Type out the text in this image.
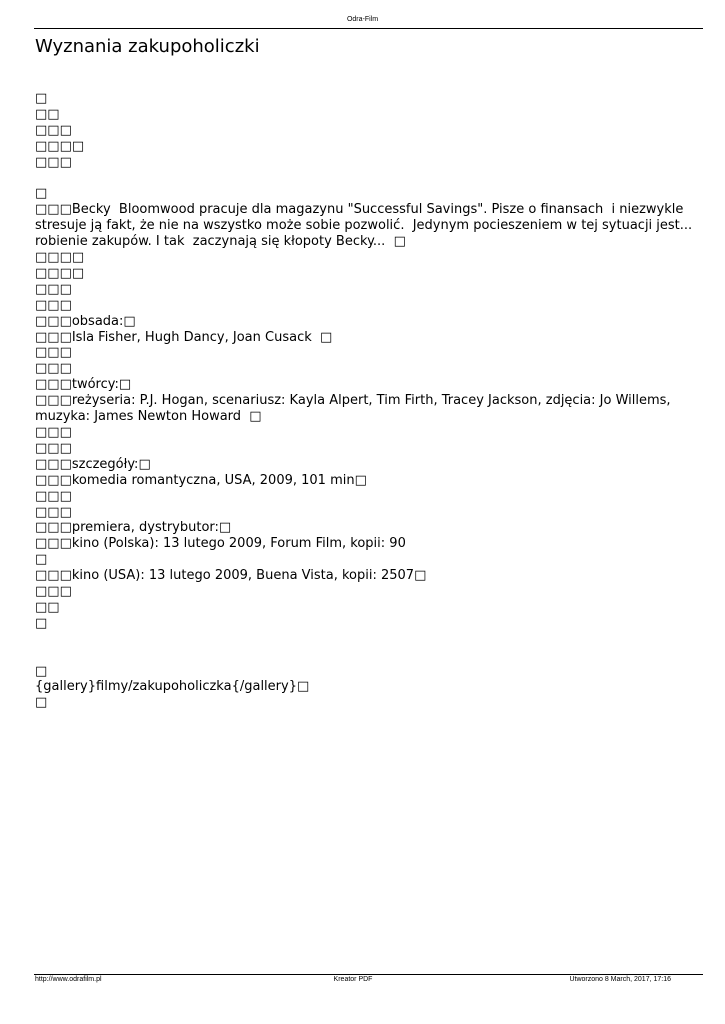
Odra-Film
Wyznania zakupoholiczki
□
□□
□□□
□□□□
□□□
□
□□□Becky  Bloomwood pracuje dla magazynu "Successful Savings". Pisze o finansach  i niezwykle stresuje ją fakt, że nie na wszystko może sobie pozwolić.  Jedynym pocieszeniem w tej sytuacji jest... robienie zakupów. I tak  zaczynają się kłopoty Becky...  □
□□□□
□□□□
□□□
□□□
□□□obsada:□
□□□Isla Fisher, Hugh Dancy, Joan Cusack  □
□□□
□□□
□□□twórcy:□
□□□reżyseria: P.J. Hogan, scenariusz: Kayla Alpert, Tim Firth, Tracey Jackson, zdjęcia: Jo Willems, muzyka: James Newton Howard  □
□□□
□□□
□□□szczegóły:□
□□□komedia romantyczna, USA, 2009, 101 min□
□□□
□□□
□□□premiera, dystrybutor:□
□□□kino (Polska): 13 lutego 2009, Forum Film, kopii: 90
□
□□□kino (USA): 13 lutego 2009, Buena Vista, kopii: 2507□
□□□
□□
□
□
{gallery}filmy/zakupoholiczka{/gallery}□
□
http://www.odrafilm.pl	Kreator PDF	Utworzono 8 March, 2017, 17:16
